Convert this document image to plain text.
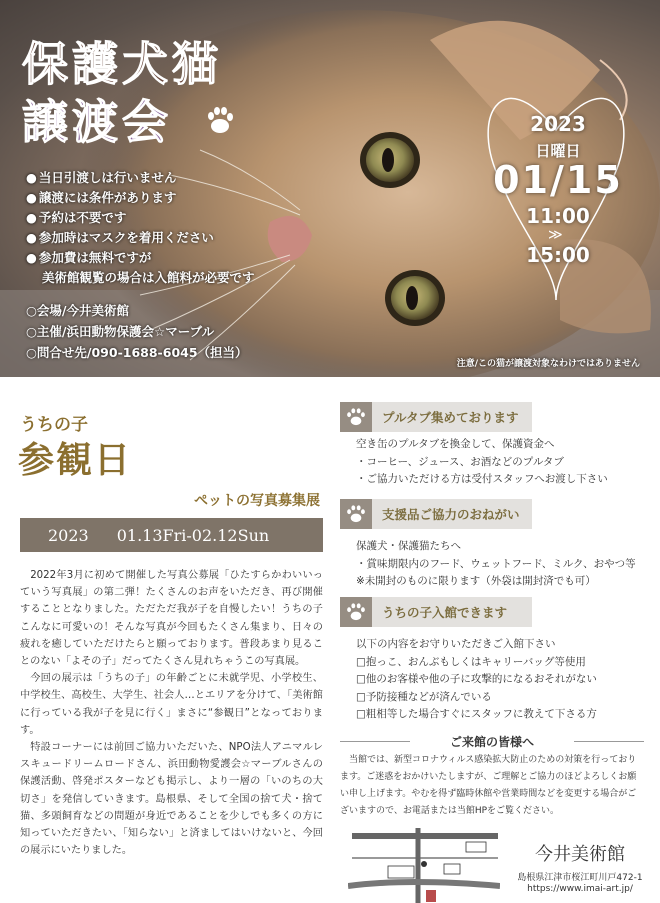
保護犬猫
譲渡会
● 当日引渡しは行いません
● 譲渡には条件があります
● 予約は不要です
● 参加時はマスクを着用ください
● 参加費は無料ですが
美術館観覧の場合は入館料が必要です
○ 会場/今井美術館
○ 主催/浜田動物保護会☆マーブル
○ 問合せ先/090-1688-6045（担当）
2023
日曜日
01/15
11:00
≫
15:00
注意/この猫が譲渡対象なわけではありません
うちの子
参観日
ペットの写真募集展
2023 01.13Fri-02.12Sun

2022年3月に初めて開催した写真公募展「ひたすらかわいいっていう写真展」の第二弾！たくさんのお声をいただき、再び開催することとなりました。ただただ我が子を自慢したい！うちの子こんなに可愛いの！そんな写真が今回もたくさん集まり、日々の疲れを癒していただけたらと願っております。普段あまり見ることのない「よその子」だってたくさん見れちゃうこの写真展。

今回の展示は「うちの子」の年齢ごとに未就学児、小学校生、中学校生、高校生、大学生、社会人…とエリアを分けて、「美術館に行っている我が子を見に行く」まさに“参観日”となっております。

特設コーナーには前回ご協力いただいた、NPO法人アニマルレスキュードリームロードさん、浜田動物愛護会☆マーブルさんの保護活動、啓発ポスターなども掲示し、より一層の「いのちの大切さ」を発信していきます。島根県、そして全国の捨て犬・捨て猫、多頭飼育などの問題が身近であることを少しでも多くの方に知っていただきたい、「知らない」と済ましてはいけないと、今回の展示にいたりました。

プルタブ集めております
空き缶のプルタブを換金して、保護資金へ
・コーヒー、ジュース、お酒などのプルタブ
・ご協力いただける方は受付スタッフへお渡し下さい
支援品ご協力のおねがい
保護犬・保護猫たちへ
・賞味期限内のフード、ウェットフード、ミルク、おやつ等
※未開封のものに限ります（外袋は開封済でも可）
うちの子入館できます
以下の内容をお守りいただきご入館下さい
□抱っこ、おんぶもしくはキャリーバッグ等使用
□他のお客様や他の子に攻撃的になるおそれがない
□予防接種などが済んでいる
□粗相等した場合すぐにスタッフに教えて下さる方
ご来館の皆様へ
当館では、新型コロナウィルス感染拡大防止のための対策を行っております。ご迷惑をおかけいたしますが、ご理解とご協力のほどよろしくお願い申し上げます。やむを得ず臨時休館や営業時間などを変更する場合がございますので、お電話または当館HPをご覧ください。
今井美術館
島根県江津市桜江町川戸472-1
https://www.imai-art.jp/
